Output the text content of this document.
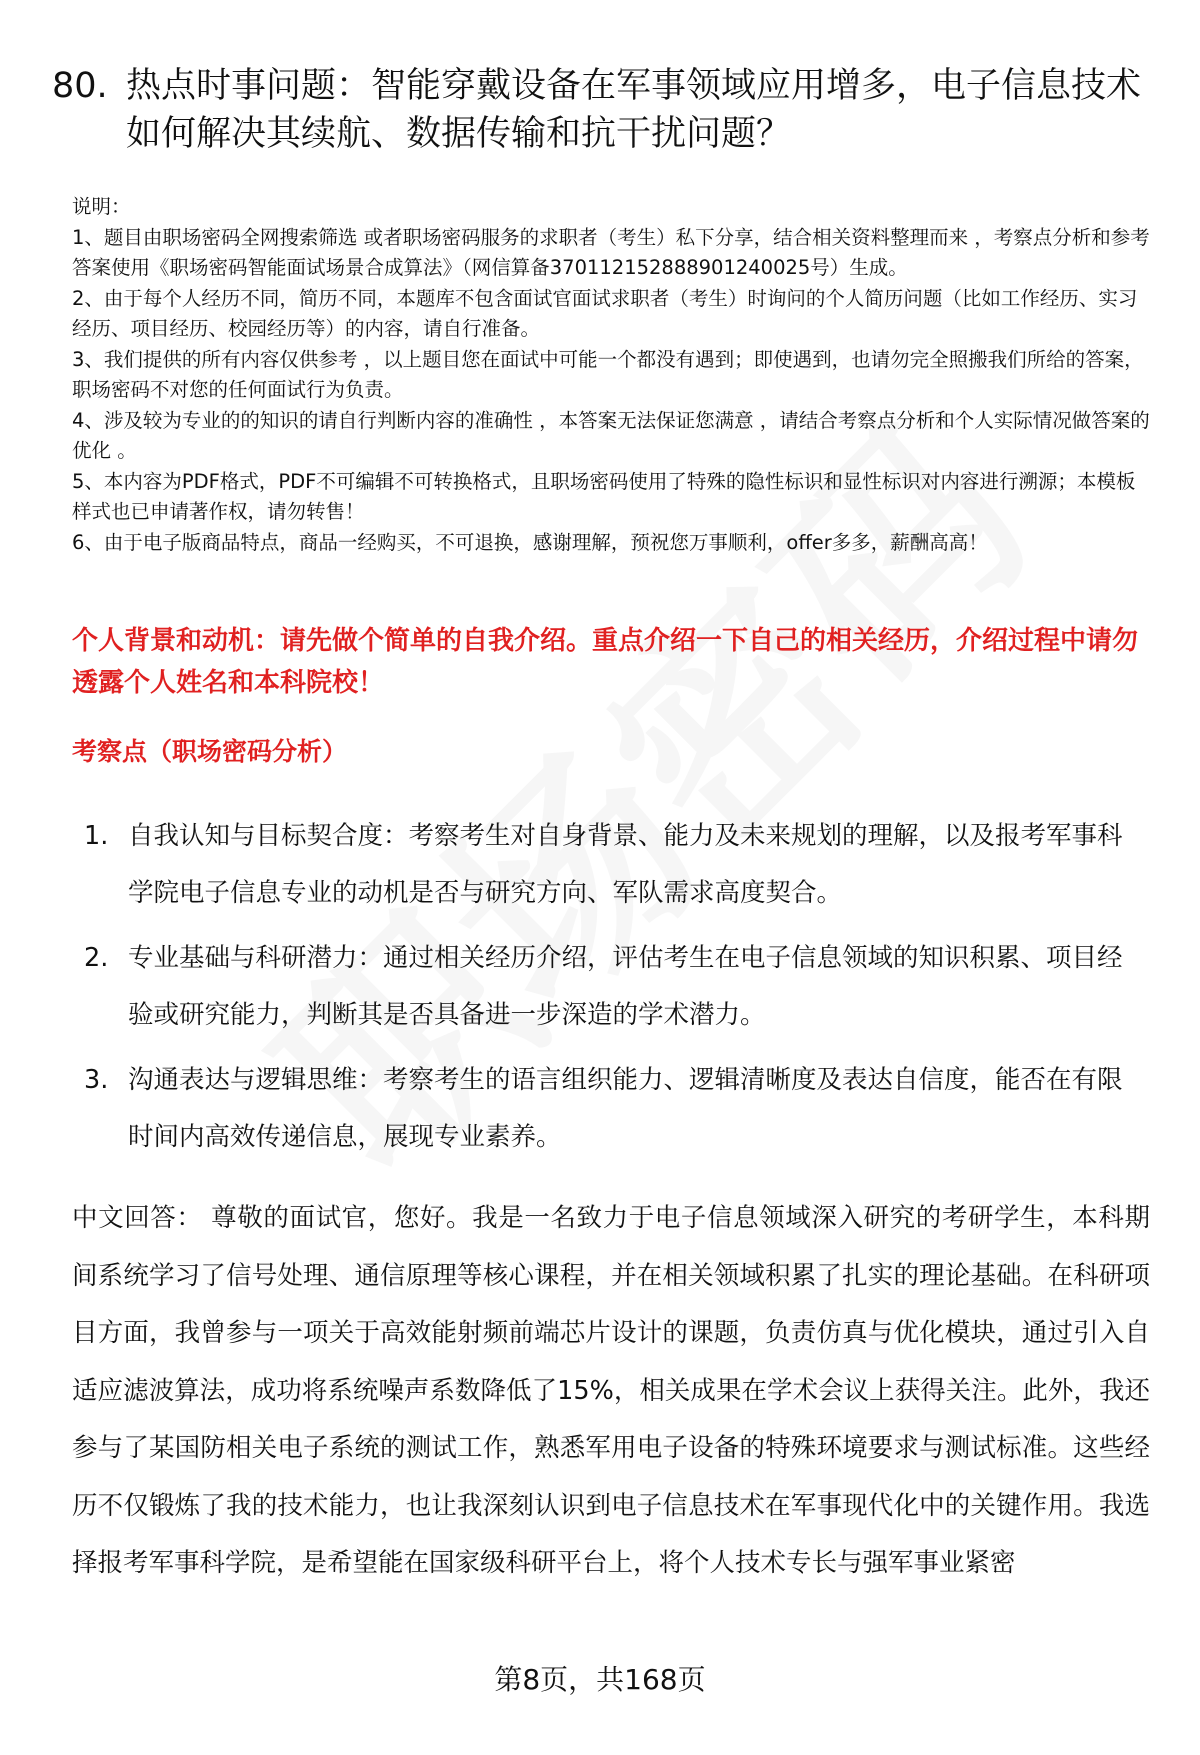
80. 热点时事问题：智能穿戴设备在军事领域应用增多，电子信息技术如何解决其续航、数据传输和抗干扰问题？

说明：

1、题目由职场密码全网搜索筛选 或者职场密码服务的求职者（考生）私下分享，结合相关资料整理而来 ，考察点分析和参考答案使用《职场密码智能面试场景合成算法》（网信算备370112152888901240025号）生成。

2、由于每个人经历不同，简历不同，本题库不包含面试官面试求职者（考生）时询问的个人简历问题（比如工作经历、实习经历、项目经历、校园经历等）的内容，请自行准备。

3、我们提供的所有内容仅供参考 ，以上题目您在面试中可能一个都没有遇到；即使遇到，也请勿完全照搬我们所给的答案，职场密码不对您的任何面试行为负责。

4、涉及较为专业的的知识的请自行判断内容的准确性 ，本答案无法保证您满意 ，请结合考察点分析和个人实际情况做答案的优化 。

5、本内容为PDF格式，PDF不可编辑不可转换格式，且职场密码使用了特殊的隐性标识和显性标识对内容进行溯源；本模板样式也已申请著作权，请勿转售！

6、由于电子版商品特点，商品一经购买，不可退换，感谢理解，预祝您万事顺利，offer多多，薪酬高高！

个人背景和动机：请先做个简单的自我介绍。重点介绍一下自己的相关经历，介绍过程中请勿透露个人姓名和本科院校！
考察点（职场密码分析）
1. 自我认知与目标契合度：考察考生对自身背景、能力及未来规划的理解，以及报考军事科学院电子信息专业的动机是否与研究方向、军队需求高度契合。
2. 专业基础与科研潜力：通过相关经历介绍，评估考生在电子信息领域的知识积累、项目经验或研究能力，判断其是否具备进一步深造的学术潜力。
3. 沟通表达与逻辑思维：考察考生的语言组织能力、逻辑清晰度及表达自信度，能否在有限时间内高效传递信息，展现专业素养。
中文回答： 尊敬的面试官，您好。我是一名致力于电子信息领域深入研究的考研学生，本科期间系统学习了信号处理、通信原理等核心课程，并在相关领域积累了扎实的理论基础。在科研项目方面，我曾参与一项关于高效能射频前端芯片设计的课题，负责仿真与优化模块，通过引入自适应滤波算法，成功将系统噪声系数降低了15%，相关成果在学术会议上获得关注。此外，我还参与了某国防相关电子系统的测试工作，熟悉军用电子设备的特殊环境要求与测试标准。这些经历不仅锻炼了我的技术能力，也让我深刻认识到电子信息技术在军事现代化中的关键作用。我选择报考军事科学院，是希望能在国家级科研平台上，将个人技术专长与强军事业紧密
第8页，共168页
